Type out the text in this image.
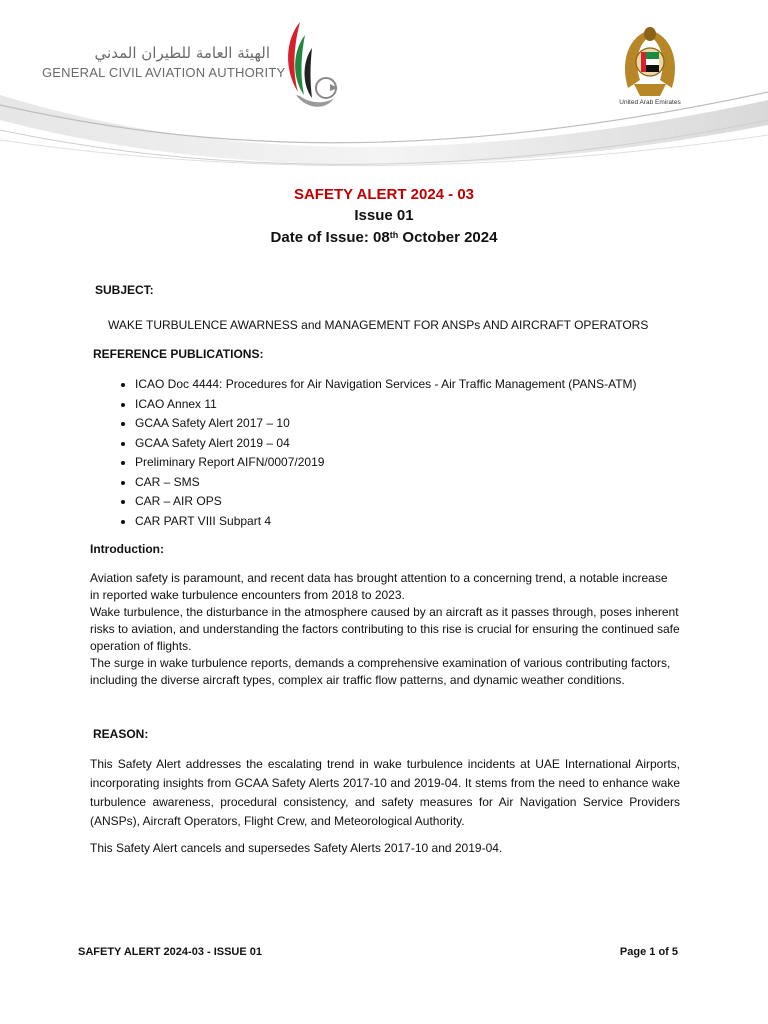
الهيئة العامة للطيران المدني
GENERAL CIVIL AVIATION AUTHORITY
United Arab Emirates
SAFETY ALERT 2024 - 03
Issue 01
Date of Issue: 08th October 2024
SUBJECT:
WAKE TURBULENCE AWARNESS and MANAGEMENT FOR ANSPs AND AIRCRAFT OPERATORS
REFERENCE PUBLICATIONS:
• ICAO Doc 4444: Procedures for Air Navigation Services - Air Traffic Management (PANS-ATM)
• ICAO Annex 11
• GCAA Safety Alert 2017 – 10
• GCAA Safety Alert 2019 – 04
• Preliminary Report AIFN/0007/2019
• CAR – SMS
• CAR – AIR OPS
• CAR PART VIII Subpart 4
Introduction:
Aviation safety is paramount, and recent data has brought attention to a concerning trend, a notable increase in reported wake turbulence encounters from 2018 to 2023.
Wake turbulence, the disturbance in the atmosphere caused by an aircraft as it passes through, poses inherent risks to aviation, and understanding the factors contributing to this rise is crucial for ensuring the continued safe operation of flights.
The surge in wake turbulence reports, demands a comprehensive examination of various contributing factors, including the diverse aircraft types, complex air traffic flow patterns, and dynamic weather conditions.
REASON:

This Safety Alert addresses the escalating trend in wake turbulence incidents at UAE International Airports, incorporating insights from GCAA Safety Alerts 2017-10 and 2019-04. It stems from the need to enhance wake turbulence awareness, procedural consistency, and safety measures for Air Navigation Service Providers (ANSPs), Aircraft Operators, Flight Crew, and Meteorological Authority.

This Safety Alert cancels and supersedes Safety Alerts 2017-10 and 2019-04.

SAFETY ALERT 2024-03 - ISSUE 01	Page 1 of 5
